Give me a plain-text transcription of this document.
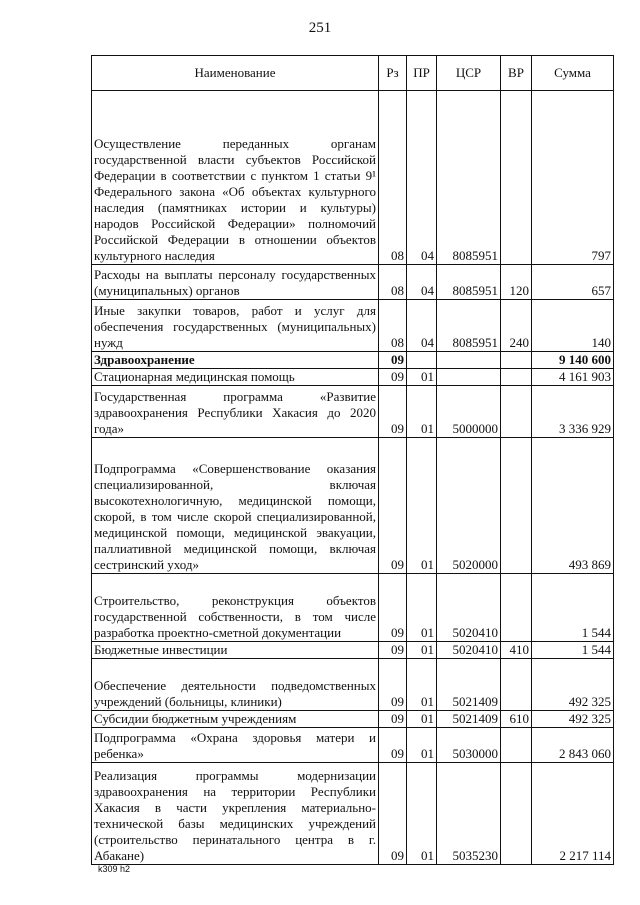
251
Наименование	Рз	ПР	ЦСР	ВР	Сумма
Осуществление переданных органам государственной власти субъектов Российской Федерации в соответствии с пунктом 1 статьи 9¹ Федерального закона «Об объектах культурного наследия (памятниках истории и культуры) народов Российской Федерации» полномочий Российской Федерации в отношении объектов культурного наследия	08	04	8085951		797
Расходы на выплаты персоналу государственных (муниципальных) органов	08	04	8085951	120	657
Иные закупки товаров, работ и услуг для обеспечения государственных (муниципальных) нужд	08	04	8085951	240	140
Здравоохранение	09				9 140 600
Стационарная медицинская помощь	09	01			4 161 903
Государственная программа «Развитие здравоохранения Республики Хакасия до 2020 года»	09	01	5000000		3 336 929
Подпрограмма «Совершенствование оказания специализированной, включая высокотехнологичную, медицинской помощи, скорой, в том числе скорой специализированной, медицинской помощи, медицинской эвакуации, паллиативной медицинской помощи, включая сестринский уход»	09	01	5020000		493 869
Строительство, реконструкция объектов государственной собственности, в том числе разработка проектно-сметной документации	09	01	5020410		1 544
Бюджетные инвестиции	09	01	5020410	410	1 544
Обеспечение деятельности подведомственных учреждений (больницы, клиники)	09	01	5021409		492 325
Субсидии бюджетным учреждениям	09	01	5021409	610	492 325
Подпрограмма «Охрана здоровья матери и ребенка»	09	01	5030000		2 843 060
Реализация программы модернизации здравоохранения на территории Республики Хакасия в части укрепления материально-технической базы медицинских учреждений (строительство перинатального центра в г. Абакане)	09	01	5035230		2 217 114
k309 h2
